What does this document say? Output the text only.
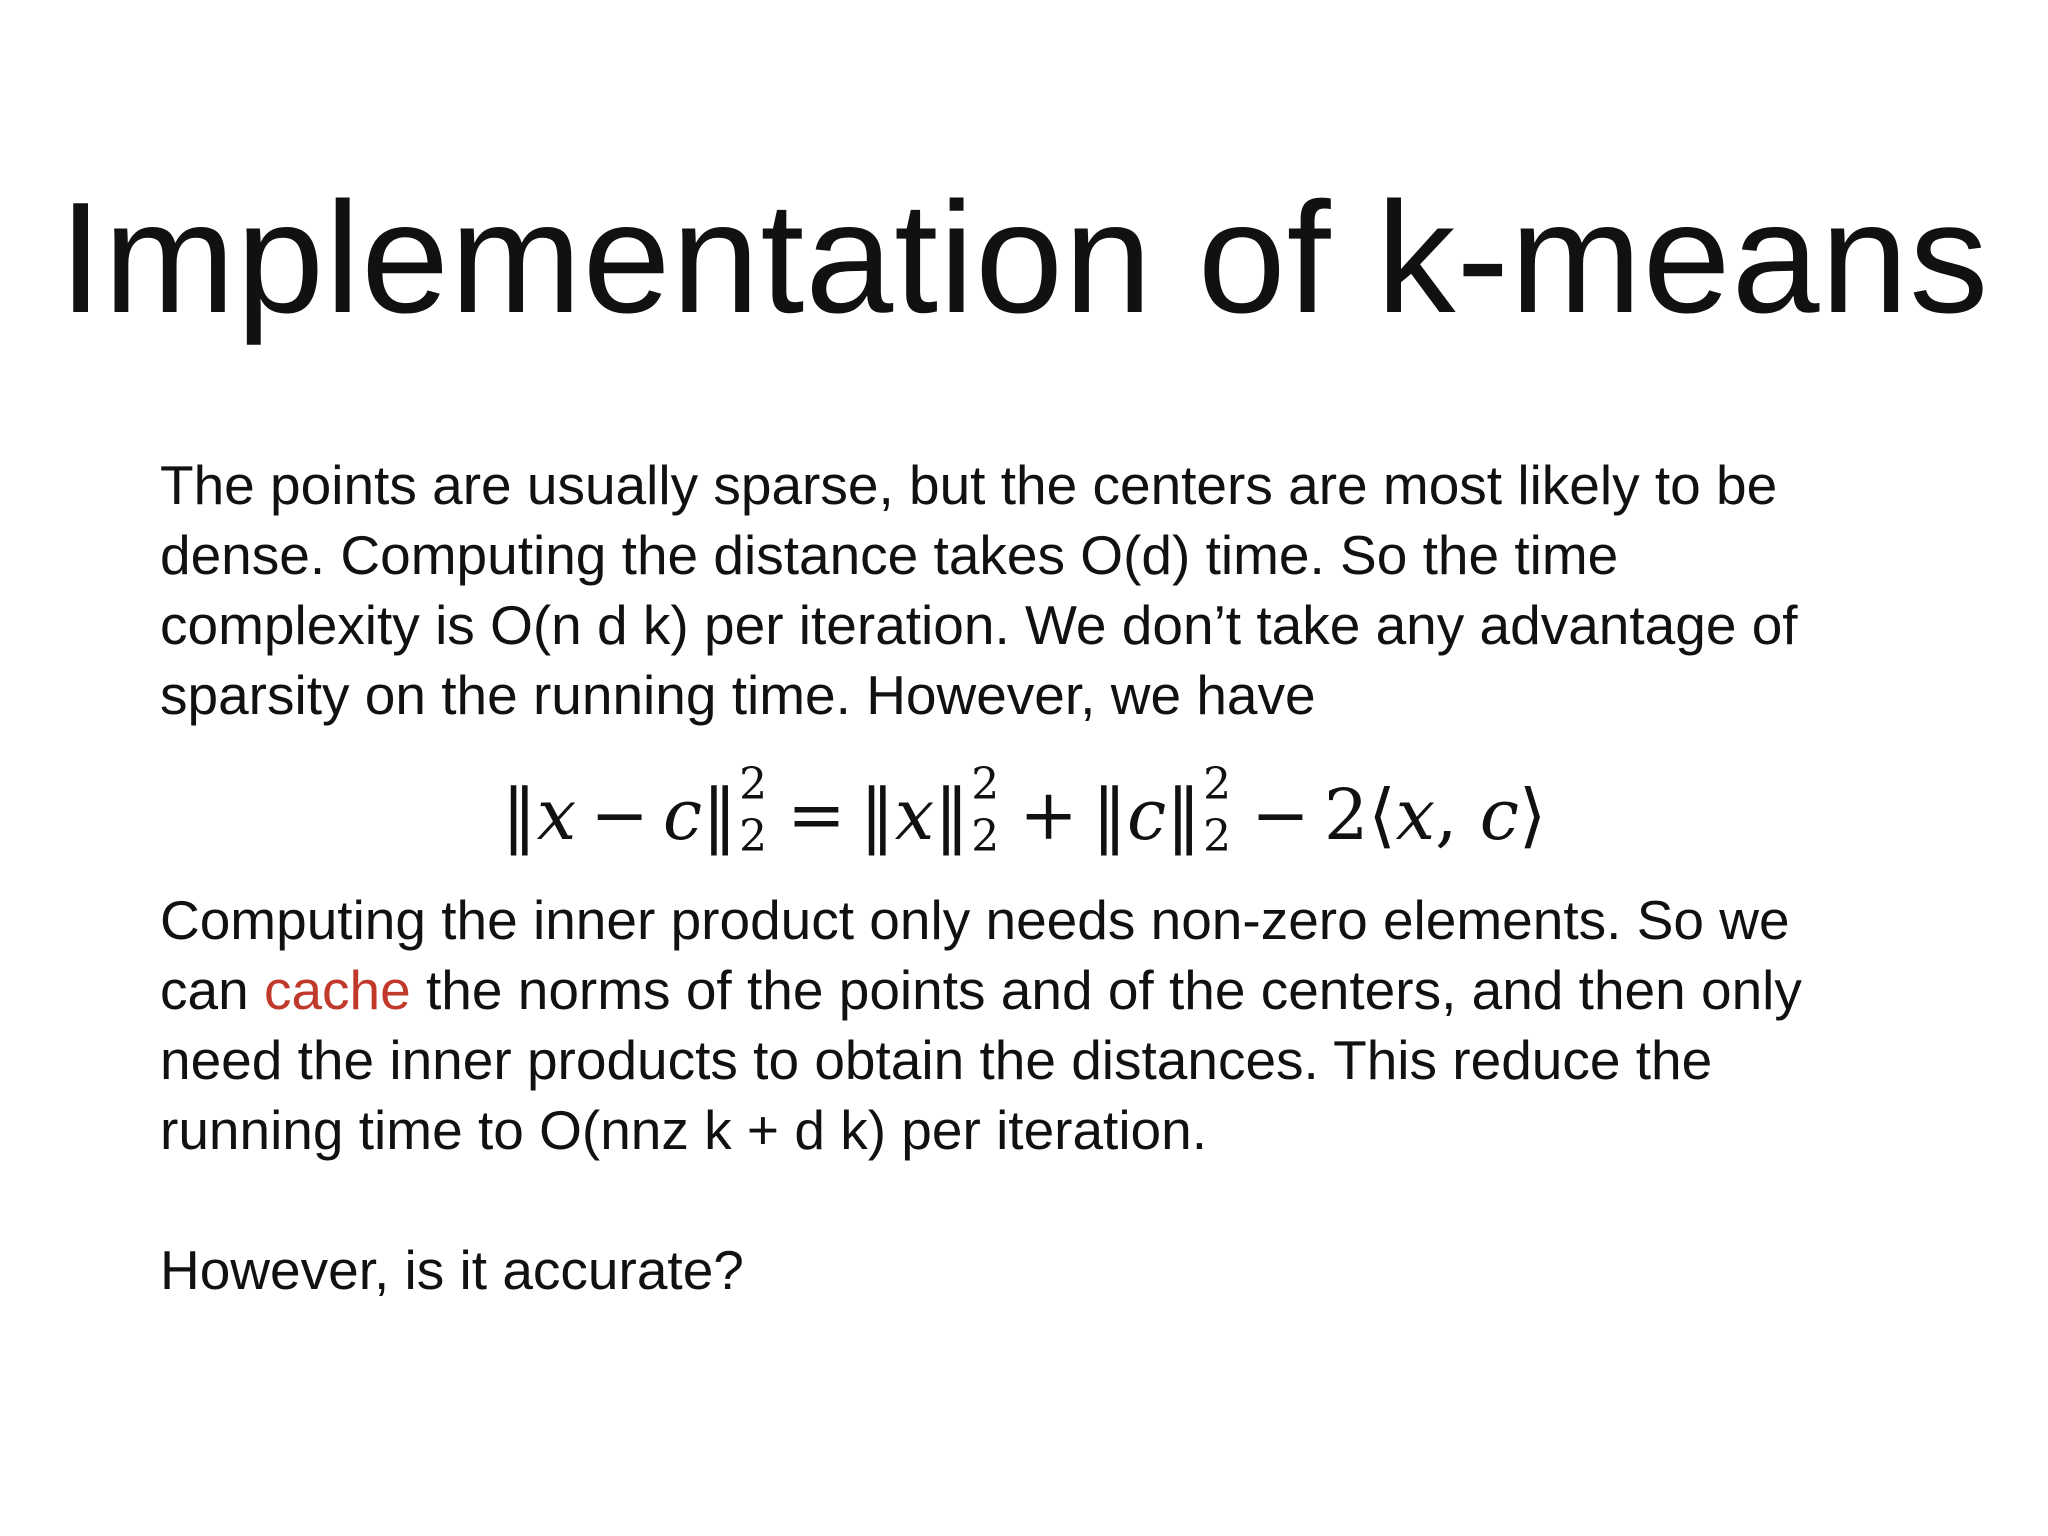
Implementation of k-means
The points are usually sparse, but the centers are most likely to be
dense. Computing the distance takes O(d) time. So the time
complexity is O(n d k) per iteration. We don’t take any advantage of
sparsity on the running time. However, we have
‖x − c‖ 2
2 = ‖x‖ 2
2 + ‖c‖ 2
2 − 2⟨x, c⟩
Computing the inner product only needs non-zero elements. So we
can cache the norms of the points and of the centers, and then only
need the inner products to obtain the distances. This reduce the
running time to O(nnz k + d k) per iteration.
However, is it accurate?
